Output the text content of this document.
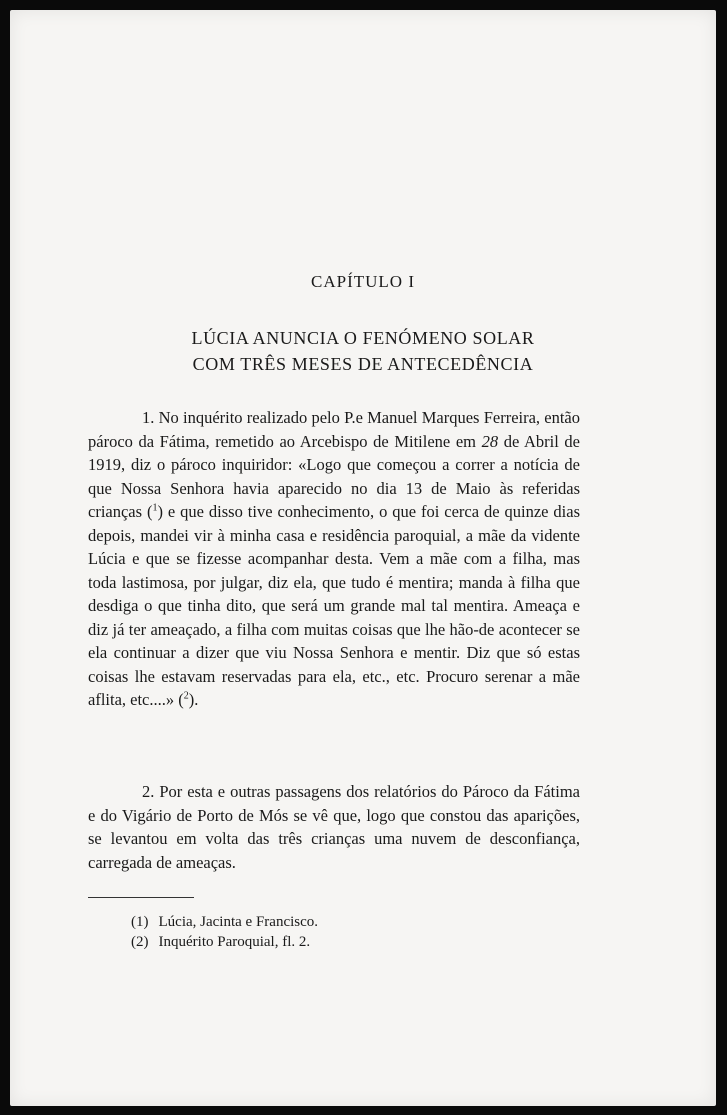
CAPÍTULO I
LÚCIA ANUNCIA O FENÓMENO SOLAR
COM TRÊS MESES DE ANTECEDÊNCIA
1. No inquérito realizado pelo P.e Manuel Marques Ferreira, então pároco da Fátima, remetido ao Arcebispo de Mitilene em 28 de Abril de 1919, diz o pároco inquiridor: «Logo que começou a correr a notícia de que Nossa Senhora havia aparecido no dia 13 de Maio às referidas crianças ($^1$) e que disso tive conhecimento, o que foi cerca de quinze dias depois, mandei vir à minha casa e residência paroquial, a mãe da vidente Lúcia e que se fizesse acompanhar desta. Vem a mãe com a filha, mas toda lastimosa, por julgar, diz ela, que tudo é mentira; manda à filha que desdiga o que tinha dito, que será um grande mal tal mentira. Ameaça e diz já ter ameaçado, a filha com muitas coisas que lhe hão-de acontecer se ela continuar a dizer que viu Nossa Senhora e mentir. Diz que só estas coisas lhe estavam reservadas para ela, etc., etc. Procuro serenar a mãe aflita, etc....» ($^2$).
2. Por esta e outras passagens dos relatórios do Pároco da Fátima e do Vigário de Porto de Mós se vê que, logo que constou das aparições, se levantou em volta das três crianças uma nuvem de desconfiança, carregada de ameaças.
(1) Lúcia, Jacinta e Francisco.
(2) Inquérito Paroquial, fl. 2.
